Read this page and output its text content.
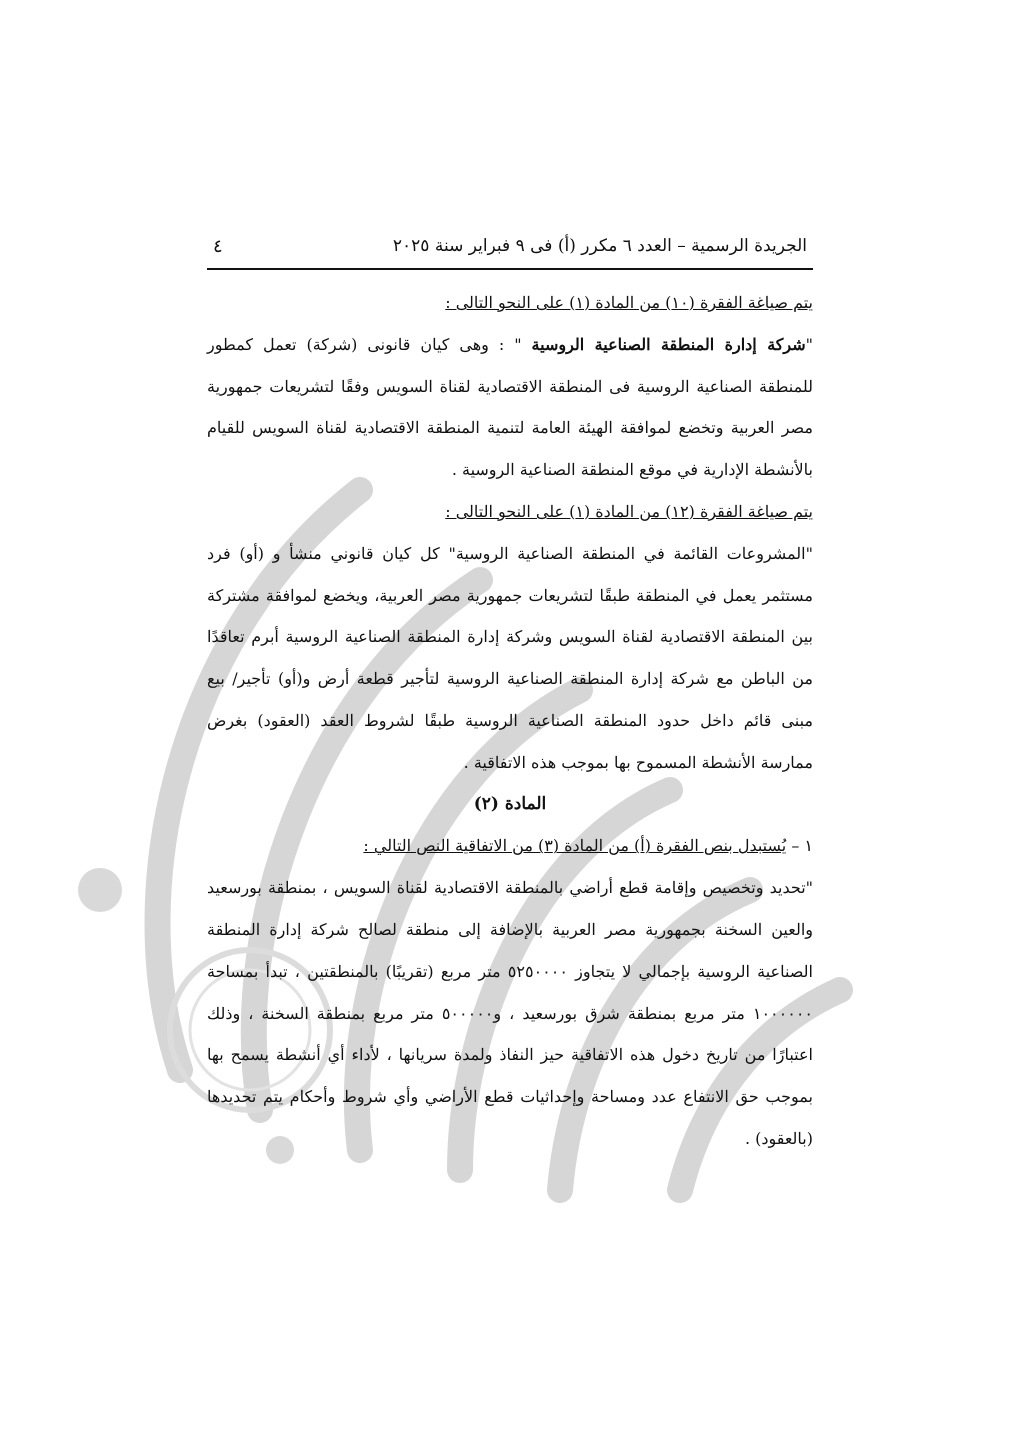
الجريدة الرسمية – العدد ٦ مكرر (أ) فى ٩ فبراير سنة ٢٠٢٥
٤

يتم صياغة الفقرة (١٠) من المادة (١) على النحو التالى :

"شركة إدارة المنطقة الصناعية الروسية " : وهى كيان قانونى (شركة) تعمل كمطور للمنطقة الصناعية الروسية فى المنطقة الاقتصادية لقناة السويس وفقًا لتشريعات جمهورية مصر العربية وتخضع لموافقة الهيئة العامة لتنمية المنطقة الاقتصادية لقناة السويس للقيام بالأنشطة الإدارية في موقع المنطقة الصناعية الروسية .

يتم صياغة الفقرة (١٢) من المادة (١) على النحو التالى :

"المشروعات القائمة في المنطقة الصناعية الروسية" كل كيان قانوني منشأ و (أو) فرد مستثمر يعمل في المنطقة طبقًا لتشريعات جمهورية مصر العربية، ويخضع لموافقة مشتركة بين المنطقة الاقتصادية لقناة السويس وشركة إدارة المنطقة الصناعية الروسية أبرم تعاقدًا من الباطن مع شركة إدارة المنطقة الصناعية الروسية لتأجير قطعة أرض و(أو) تأجير/ بيع مبنى قائم داخل حدود المنطقة الصناعية الروسية طبقًا لشروط العقد (العقود) بغرض ممارسة الأنشطة المسموح بها بموجب هذه الاتفاقية .

المادة (٢)

١ – يُستبدل بنص الفقرة (أ) من المادة (٣) من الاتفاقية النص التالي :

"تحديد وتخصيص وإقامة قطع أراضي بالمنطقة الاقتصادية لقناة السويس ، بمنطقة بورسعيد والعين السخنة بجمهورية مصر العربية بالإضافة إلى منطقة لصالح شركة إدارة المنطقة الصناعية الروسية بإجمالي لا يتجاوز ٥٢٥٠٠٠٠ متر مربع (تقريبًا) بالمنطقتين ، تبدأ بمساحة ١٠٠٠٠٠٠ متر مربع بمنطقة شرق بورسعيد ، و٥٠٠٠٠٠ متر مربع بمنطقة السخنة ، وذلك اعتبارًا من تاريخ دخول هذه الاتفاقية حيز النفاذ ولمدة سريانها ، لأداء أي أنشطة يسمح بها بموجب حق الانتفاع عدد ومساحة وإحداثيات قطع الأراضي وأي شروط وأحكام يتم تحديدها (بالعقود) .
